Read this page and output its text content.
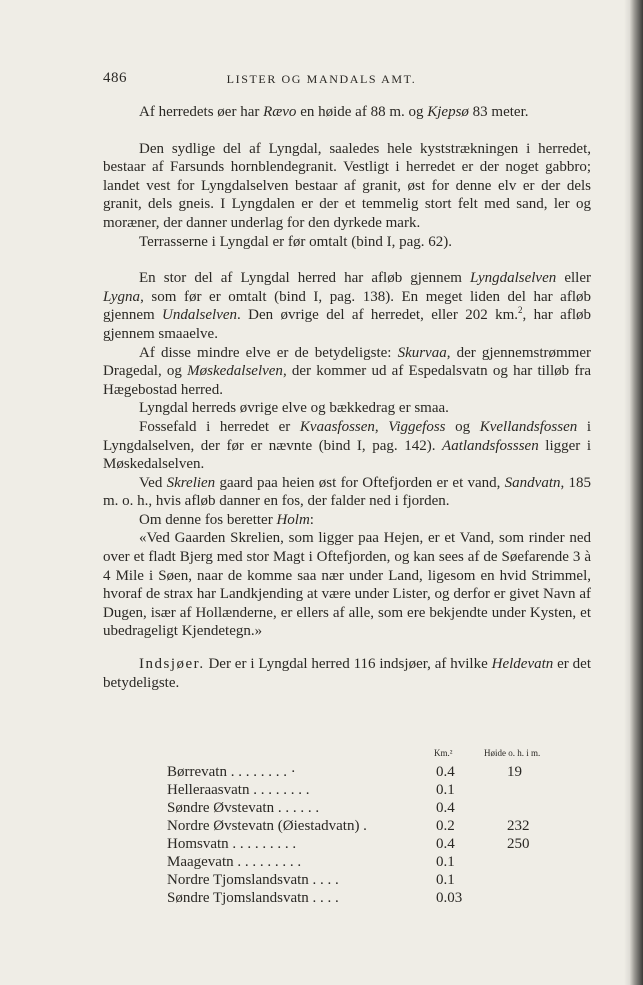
486	LISTER OG MANDALS AMT.

Af herredets øer har Rævo en høide af 88 m. og Kjepsø 83 meter.

Den sydlige del af Lyngdal, saaledes hele kyststrækningen i herredet, bestaar af Farsunds hornblendegranit. Vestligt i herredet er der noget gabbro; landet vest for Lyngdalselven bestaar af granit, øst for denne elv er der dels granit, dels gneis. I Lyngdalen er der et temmelig stort felt med sand, ler og moræner, der danner underlag for den dyrkede mark.

Terrasserne i Lyngdal er før omtalt (bind I, pag. 62).

En stor del af Lyngdal herred har afløb gjennem Lyngdalselven eller Lygna, som før er omtalt (bind I, pag. 138). En meget liden del har afløb gjennem Undalselven. Den øvrige del af herredet, eller 202 km.$^2$, har afløb gjennem smaaelve.

Af disse mindre elve er de betydeligste: Skurvaa, der gjennemstrømmer Dragedal, og Møskedalselven, der kommer ud af Espedalsvatn og har tilløb fra Hægebostad herred.

Lyngdal herreds øvrige elve og bækkedrag er smaa.

Fossefald i herredet er Kvaasfossen, Viggefoss og Kvellandsfossen i Lyngdalselven, der før er nævnte (bind I, pag. 142). Aatlandsfosssen ligger i Møskedalselven.

Ved Skrelien gaard paa heien øst for Oftefjorden er et vand, Sandvatn, 185 m. o. h., hvis afløb danner en fos, der falder ned i fjorden.

Om denne fos beretter Holm:

«Ved Gaarden Skrelien, som ligger paa Hejen, er et Vand, som rinder ned over et fladt Bjerg med stor Magt i Oftefjorden, og kan sees af de Søefarende 3 à 4 Mile i Søen, naar de komme saa nær under Land, ligesom en hvid Strimmel, hvoraf de strax har Landkjending at være under Lister, og derfor er givet Navn af Dugen, især af Hollænderne, er ellers af alle, som ere bekjendte under Kysten, et ubedrageligt Kjendetegn.»

Indsjøer. Der er i Lyngdal herred 116 indsjøer, af hvilke Heldevatn er det betydeligste.

Km.²	Høide o. h. i m.
Børrevatn . . . . . . . . ·	0.4	19
Helleraasvatn . . . . . . . .	0.1
Søndre Øvstevatn . . . . . .	0.4
Nordre Øvstevatn (Øiestadvatn) .	0.2	232
Homsvatn . . . . . . . . .	0.4	250
Maagevatn . . . . . . . . .	0.1
Nordre Tjomslandsvatn . . . .	0.1
Søndre Tjomslandsvatn . . . .	0.03
